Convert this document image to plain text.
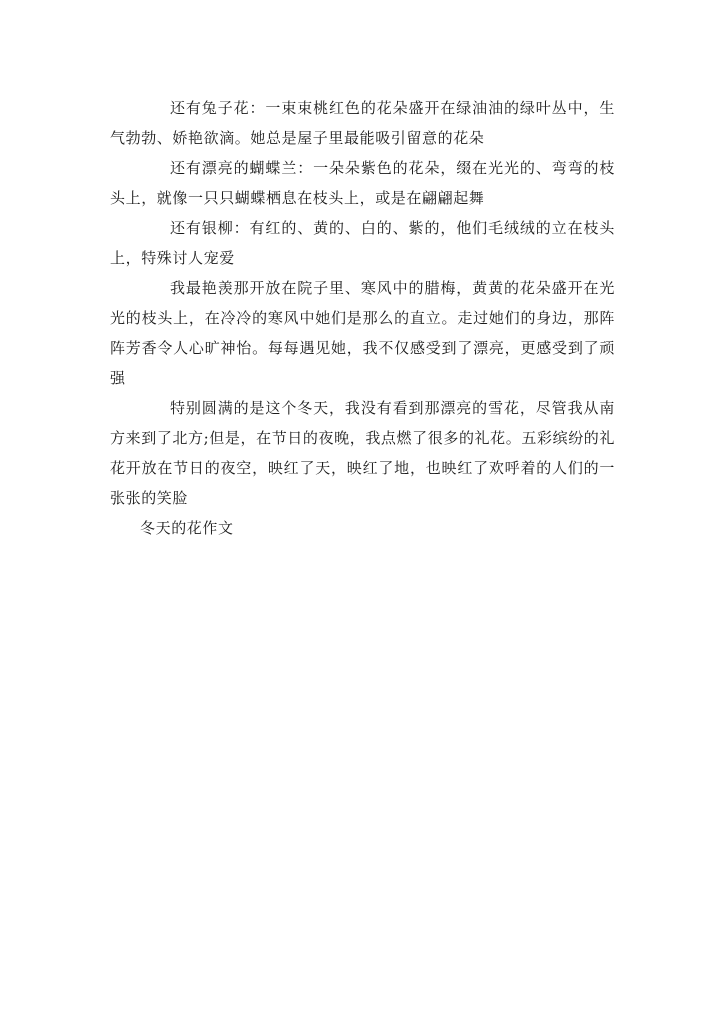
还有兔子花：一束束桃红色的花朵盛开在绿油油的绿叶丛中，生气勃勃、娇艳欲滴。她总是屋子里最能吸引留意的花朵

还有漂亮的蝴蝶兰：一朵朵紫色的花朵，缀在光光的、弯弯的枝头上，就像一只只蝴蝶栖息在枝头上，或是在翩翩起舞

还有银柳：有红的、黄的、白的、紫的，他们毛绒绒的立在枝头上，特殊讨人宠爱

我最艳羡那开放在院子里、寒风中的腊梅，黄黄的花朵盛开在光光的枝头上，在冷冷的寒风中她们是那么的直立。走过她们的身边，那阵阵芳香令人心旷神怡。每每遇见她，我不仅感受到了漂亮，更感受到了顽强

特别圆满的是这个冬天，我没有看到那漂亮的雪花，尽管我从南方来到了北方;但是，在节日的夜晚，我点燃了很多的礼花。五彩缤纷的礼花开放在节日的夜空，映红了天，映红了地，也映红了欢呼着的人们的一张张的笑脸

冬天的花作文
